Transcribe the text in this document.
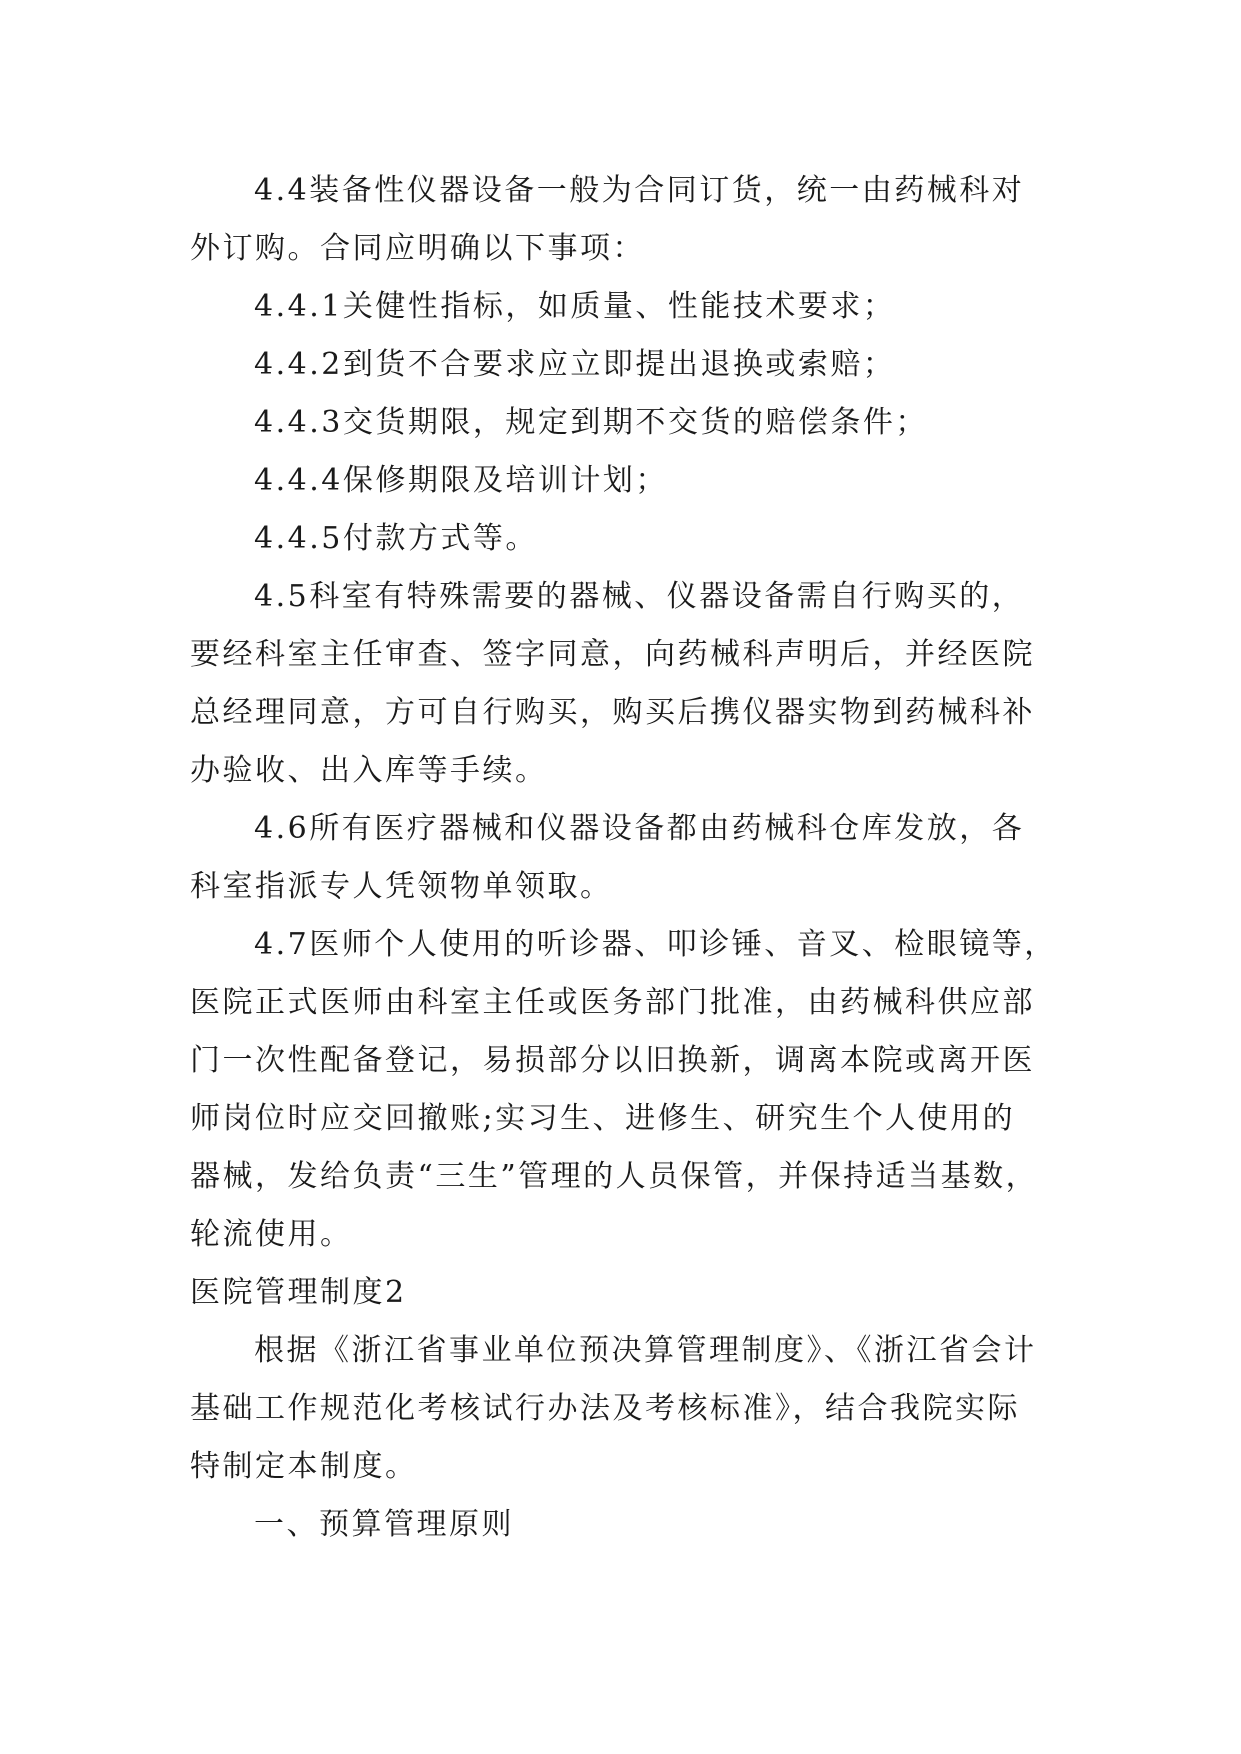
4.4装备性仪器设备一般为合同订货，统一由药械科对
外订购。合同应明确以下事项：
4.4.1关健性指标，如质量、性能技术要求；
4.4.2到货不合要求应立即提出退换或索赔；
4.4.3交货期限，规定到期不交货的赔偿条件；
4.4.4保修期限及培训计划；
4.4.5付款方式等。
4.5科室有特殊需要的器械、仪器设备需自行购买的，
要经科室主任审查、签字同意，向药械科声明后，并经医院
总经理同意，方可自行购买，购买后携仪器实物到药械科补
办验收、出入库等手续。
4.6所有医疗器械和仪器设备都由药械科仓库发放，各
科室指派专人凭领物单领取。
4.7医师个人使用的听诊器、叩诊锤、音叉、检眼镜等，
医院正式医师由科室主任或医务部门批准，由药械科供应部
门一次性配备登记，易损部分以旧换新，调离本院或离开医
师岗位时应交回撤账;实习生、进修生、研究生个人使用的
器械，发给负责“三生”管理的人员保管，并保持适当基数，
轮流使用。
医院管理制度2
根据《浙江省事业单位预决算管理制度》、《浙江省会计
基础工作规范化考核试行办法及考核标准》，结合我院实际
特制定本制度。
一、预算管理原则
